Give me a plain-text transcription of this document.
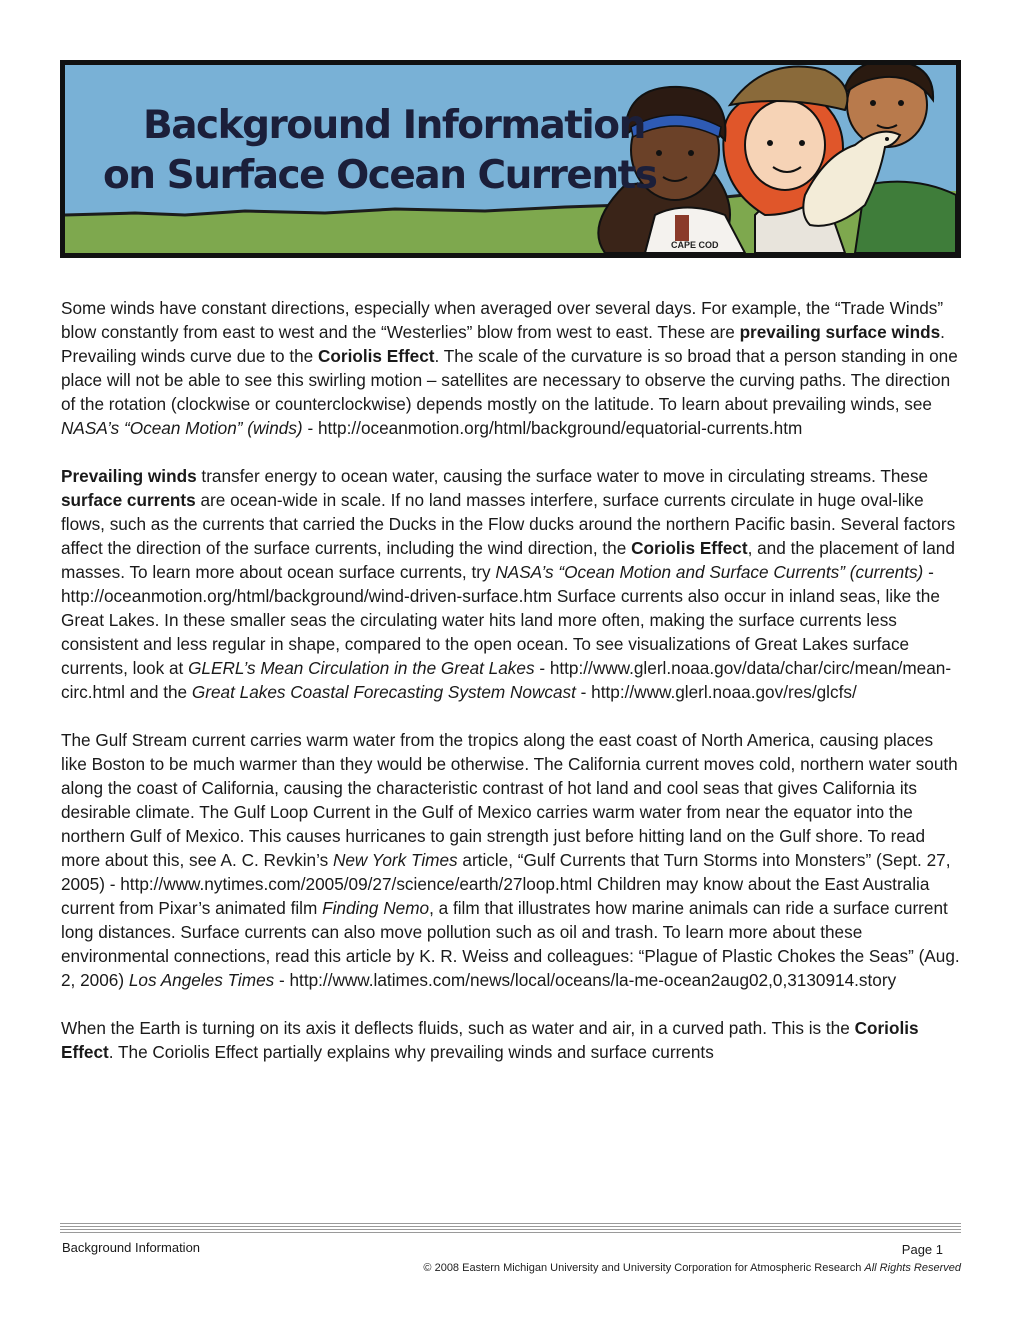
CAPE COD
Background Information
on Surface Ocean Currents

Some winds have constant directions, especially when averaged over several days. For example, the “Trade Winds” blow constantly from east to west and the “Westerlies” blow from west to east. These are prevailing surface winds. Prevailing winds curve due to the Coriolis Effect. The scale of the curvature is so broad that a person standing in one place will not be able to see this swirling motion – satellites are necessary to observe the curving paths. The direction of the rotation (clockwise or counterclockwise) depends mostly on the latitude. To learn about prevailing winds, see NASA’s “Ocean Motion” (winds) - http://oceanmotion.org/html/background/equatorial-currents.htm

Prevailing winds transfer energy to ocean water, causing the surface water to move in circulating streams. These surface currents are ocean-wide in scale. If no land masses interfere, surface currents circulate in huge oval-like flows, such as the currents that carried the Ducks in the Flow ducks around the northern Pacific basin. Several factors affect the direction of the surface currents, including the wind direction, the Coriolis Effect, and the placement of land masses. To learn more about ocean surface currents, try NASA’s “Ocean Motion and Surface Currents” (currents) - http://oceanmotion.org/html/background/wind-driven-surface.htm Surface currents also occur in inland seas, like the Great Lakes. In these smaller seas the circulating water hits land more often, making the surface currents less consistent and less regular in shape, compared to the open ocean. To see visualizations of Great Lakes surface currents, look at GLERL’s Mean Circulation in the Great Lakes - http://www.glerl.noaa.gov/data/char/circ/mean/mean-circ.html and the Great Lakes Coastal Forecasting System Nowcast - http://www.glerl.noaa.gov/res/glcfs/

The Gulf Stream current carries warm water from the tropics along the east coast of North America, causing places like Boston to be much warmer than they would be otherwise. The California current moves cold, northern water south along the coast of California, causing the characteristic contrast of hot land and cool seas that gives California its desirable climate. The Gulf Loop Current in the Gulf of Mexico carries warm water from near the equator into the northern Gulf of Mexico. This causes hurricanes to gain strength just before hitting land on the Gulf shore. To read more about this, see A. C. Revkin’s New York Times article, “Gulf Currents that Turn Storms into Monsters” (Sept. 27, 2005) - http://www.nytimes.com/2005/09/27/science/earth/27loop.html Children may know about the East Australia current from Pixar’s animated film Finding Nemo, a film that illustrates how marine animals can ride a surface current long distances. Surface currents can also move pollution such as oil and trash. To learn more about these environmental connections, read this article by K. R. Weiss and colleagues: “Plague of Plastic Chokes the Seas” (Aug. 2, 2006) Los Angeles Times - http://www.latimes.com/news/local/oceans/la-me-ocean2aug02,0,3130914.story

When the Earth is turning on its axis it deflects fluids, such as water and air, in a curved path. This is the Coriolis Effect. The Coriolis Effect partially explains why prevailing winds and surface currents

Background Information	Page 1
© 2008 Eastern Michigan University and University Corporation for Atmospheric Research All Rights Reserved
